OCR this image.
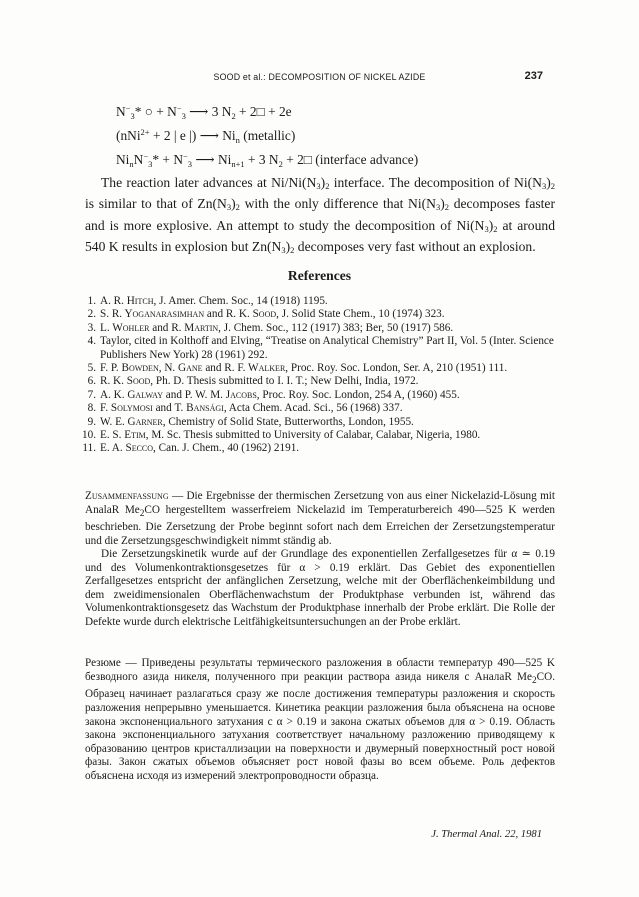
SOOD et al.: DECOMPOSITION OF NICKEL AZIDE	237
$N^-_3*$ ○ + $N^-_3$ ⟶ 3 $N_2$ + 2□ + 2e
(nNi$^{2+}$ + 2 | e |) ⟶ $Ni_n$ (metallic)
$Ni_nN^-_3* + N^-_3$ ⟶ $Ni_{n+1} + 3$ $N_2$ + 2□ (interface advance)
The reaction later advances at $Ni/Ni(N_3)_2$ interface. The decomposition of $Ni(N_3)_2$ is similar to that of $Zn(N_3)_2$ with the only difference that $Ni(N_3)_2$ decomposes faster and is more explosive. An attempt to study the decomposition of $Ni(N_3)_2$ at around 540 K results in explosion but $Zn(N_3)_2$ decomposes very fast without an explosion.
References
1. A. R. Hitch, J. Amer. Chem. Soc., 14 (1918) 1195.
2. S. R. Yoganarasimhan and R. K. Sood, J. Solid State Chem., 10 (1974) 323.
3. L. Wohler and R. Martin, J. Chem. Soc., 112 (1917) 383; Ber, 50 (1917) 586.
4. Taylor, cited in Kolthoff and Elving, “Treatise on Analytical Chemistry” Part II, Vol. 5 (Inter. Science Publishers New York) 28 (1961) 292.
5. F. P. Bowden, N. Gane and R. F. Walker, Proc. Roy. Soc. London, Ser. A, 210 (1951) 111.
6. R. K. Sood, Ph. D. Thesis submitted to I. I. T.; New Delhi, India, 1972.
7. A. K. Galway and P. W. M. Jacobs, Proc. Roy. Soc. London, 254 A, (1960) 455.
8. F. Solymosi and T. Bansági, Acta Chem. Acad. Sci., 56 (1968) 337.
9. W. E. Garner, Chemistry of Solid State, Butterworths, London, 1955.
10. E. S. Etim, M. Sc. Thesis submitted to University of Calabar, Calabar, Nigeria, 1980.
11. E. A. Secco, Can. J. Chem., 40 (1962) 2191.

Zusammenfassung — Die Ergebnisse der thermischen Zersetzung von aus einer Nickelazid-Lösung mit AnalaR $Me_2CO$ hergestelltem wasserfreiem Nickelazid im Temperaturbereich 490—525 K werden beschrieben. Die Zersetzung der Probe beginnt sofort nach dem Erreichen der Zersetzungstemperatur und die Zersetzungsgeschwindigkeit nimmt ständig ab.

Die Zersetzungskinetik wurde auf der Grundlage des exponentiellen Zerfallgesetzes für α ≃ 0.19 und des Volumenkontraktionsgesetzes für α > 0.19 erklärt. Das Gebiet des exponentiellen Zerfallgesetzes entspricht der anfänglichen Zersetzung, welche mit der Oberflächenkeimbildung und dem zweidimensionalen Oberflächenwachstum der Produktphase verbunden ist, während das Volumenkontraktionsgesetz das Wachstum der Produktphase innerhalb der Probe erklärt. Die Rolle der Defekte wurde durch elektrische Leitfähigkeitsuntersuchungen an der Probe erklärt.

Резюме — Приведены результаты термического разложения в области температур 490—525 K безводного азида никеля, полученного при реакции раствора азида никеля с АналаR $Me_2CO$. Образец начинает разлагаться сразу же после достижения температуры разложения и скорость разложения непрерывно уменьшается. Кинетика реакции разложения была объяснена на основе закона экспоненциального затухания с α > 0.19 и закона сжатых объемов для α > 0.19. Область закона экспоненциального затухания соответствует начальному разложению приводящему к образованию центров кристаллизации на поверхности и двумерный поверхностный рост новой фазы. Закон сжатых объемов объясняет рост новой фазы во всем объеме. Роль дефектов объяснена исходя из измерений электропроводности образца.
J. Thermal Anal. 22, 1981
